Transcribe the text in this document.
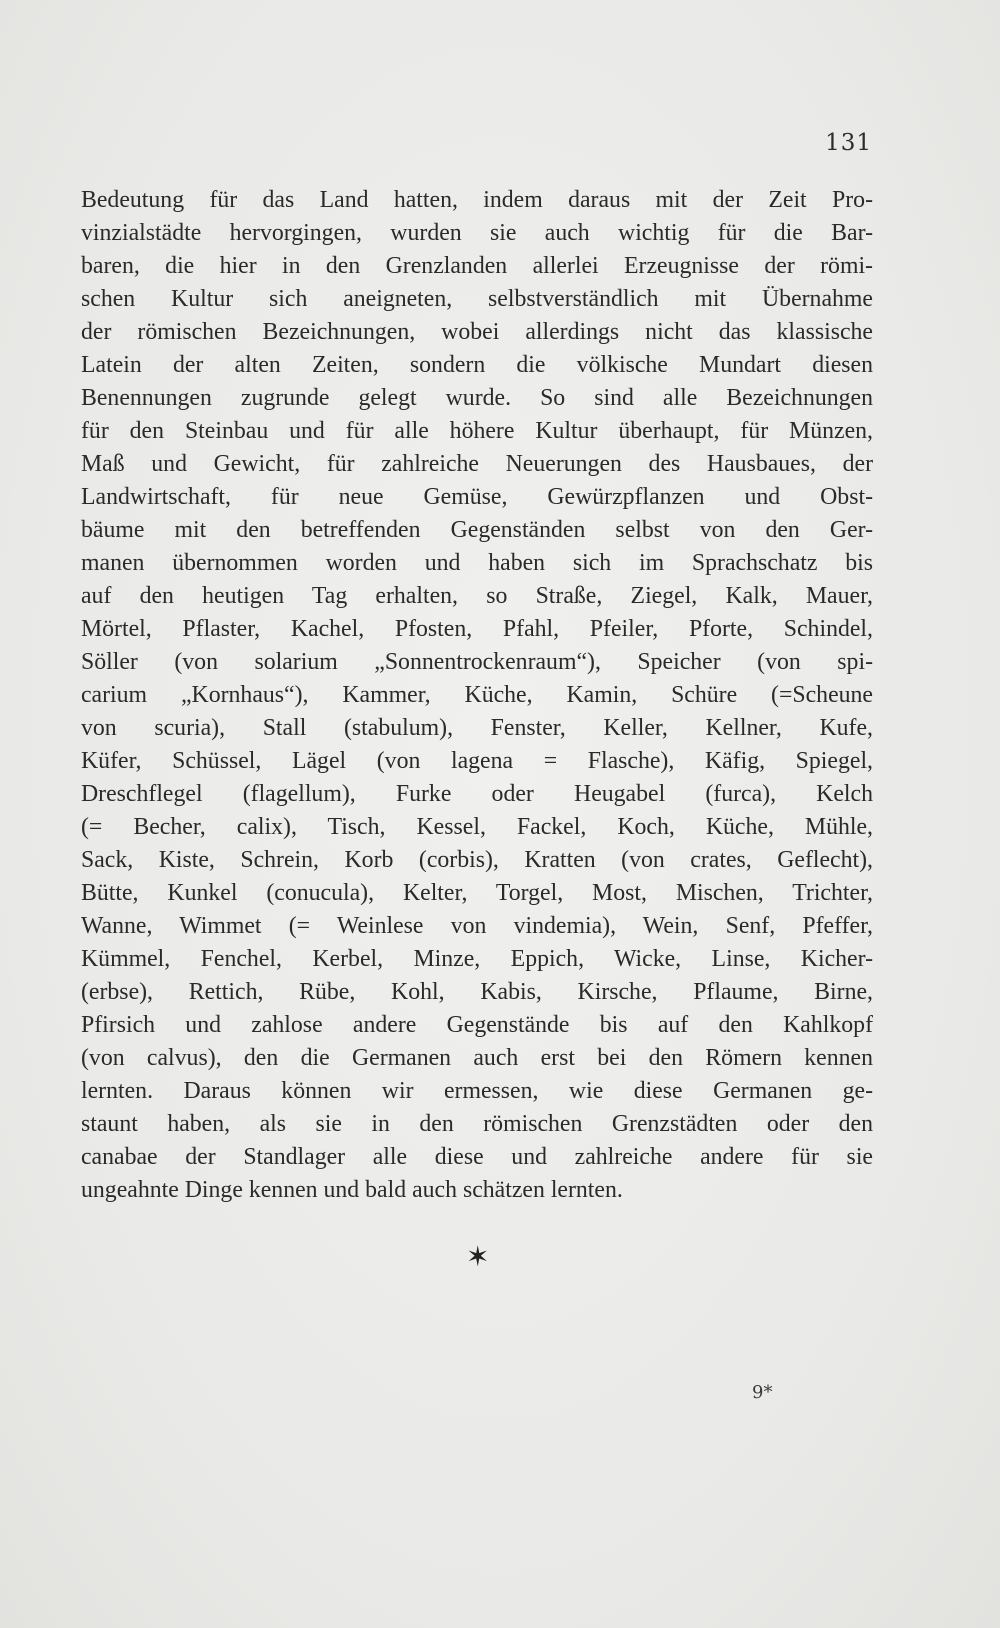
131
Bedeutung für das Land hatten, indem daraus mit der Zeit Pro-
vinzialstädte hervorgingen, wurden sie auch wichtig für die Bar-
baren, die hier in den Grenzlanden allerlei Erzeugnisse der römi-
schen Kultur sich aneigneten, selbstverständlich mit Übernahme
der römischen Bezeichnungen, wobei allerdings nicht das klassische
Latein der alten Zeiten, sondern die völkische Mundart diesen
Benennungen zugrunde gelegt wurde. So sind alle Bezeichnungen
für den Steinbau und für alle höhere Kultur überhaupt, für Münzen,
Maß und Gewicht, für zahlreiche Neuerungen des Hausbaues, der
Landwirtschaft, für neue Gemüse, Gewürzpflanzen und Obst-
bäume mit den betreffenden Gegenständen selbst von den Ger-
manen übernommen worden und haben sich im Sprachschatz bis
auf den heutigen Tag erhalten, so Straße, Ziegel, Kalk, Mauer,
Mörtel, Pflaster, Kachel, Pfosten, Pfahl, Pfeiler, Pforte, Schindel,
Söller (von solarium „Sonnentrockenraum“), Speicher (von spi-
carium „Kornhaus“), Kammer, Küche, Kamin, Schüre (=Scheune
von scuria), Stall (stabulum), Fenster, Keller, Kellner, Kufe,
Küfer, Schüssel, Lägel (von lagena = Flasche), Käfig, Spiegel,
Dreschflegel (flagellum), Furke oder Heugabel (furca), Kelch
(= Becher, calix), Tisch, Kessel, Fackel, Koch, Küche, Mühle,
Sack, Kiste, Schrein, Korb (corbis), Kratten (von crates, Geflecht),
Bütte, Kunkel (conucula), Kelter, Torgel, Most, Mischen, Trichter,
Wanne, Wimmet (= Weinlese von vindemia), Wein, Senf, Pfeffer,
Kümmel, Fenchel, Kerbel, Minze, Eppich, Wicke, Linse, Kicher-
(erbse), Rettich, Rübe, Kohl, Kabis, Kirsche, Pflaume, Birne,
Pfirsich und zahlose andere Gegenstände bis auf den Kahlkopf
(von calvus), den die Germanen auch erst bei den Römern kennen
lernten. Daraus können wir ermessen, wie diese Germanen ge-
staunt haben, als sie in den römischen Grenzstädten oder den
canabae der Standlager alle diese und zahlreiche andere für sie
ungeahnte Dinge kennen und bald auch schätzen lernten.
✶
9*
